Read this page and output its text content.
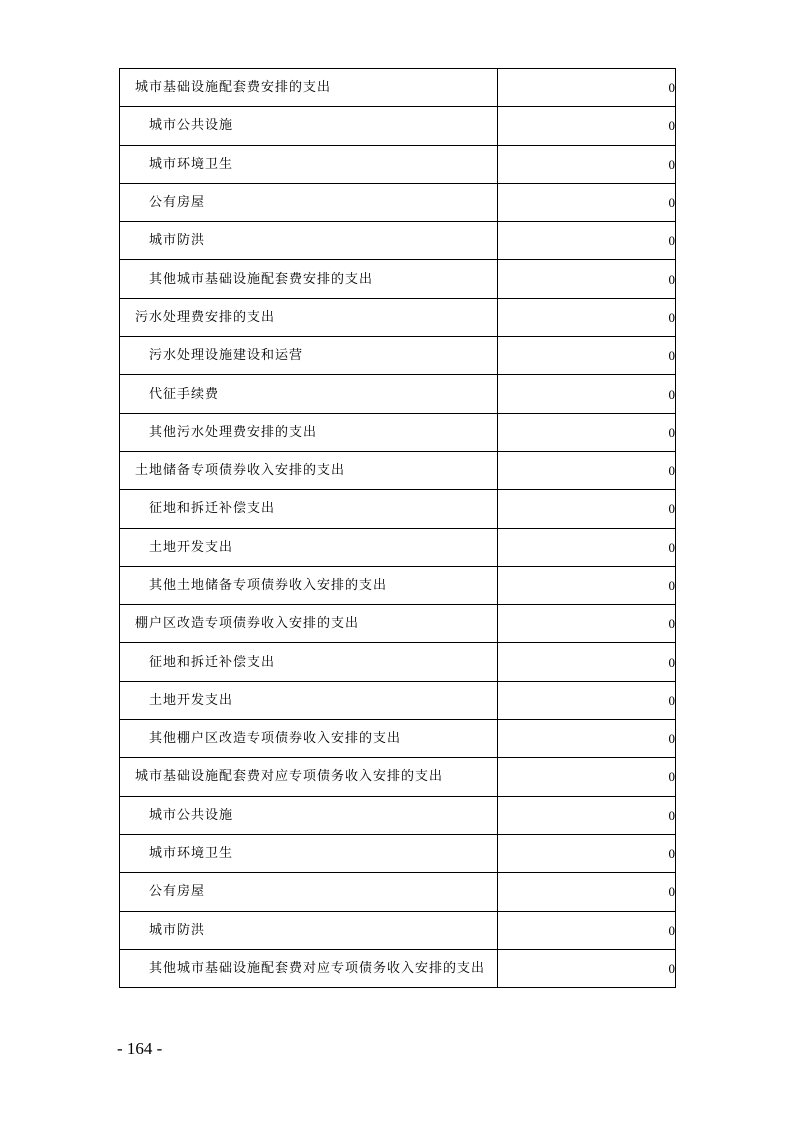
城市基础设施配套费安排的支出	0
城市公共设施	0
城市环境卫生	0
公有房屋	0
城市防洪	0
其他城市基础设施配套费安排的支出	0
污水处理费安排的支出	0
污水处理设施建设和运营	0
代征手续费	0
其他污水处理费安排的支出	0
土地储备专项债券收入安排的支出	0
征地和拆迁补偿支出	0
土地开发支出	0
其他土地储备专项债券收入安排的支出	0
棚户区改造专项债券收入安排的支出	0
征地和拆迁补偿支出	0
土地开发支出	0
其他棚户区改造专项债券收入安排的支出	0
城市基础设施配套费对应专项债务收入安排的支出	0
城市公共设施	0
城市环境卫生	0
公有房屋	0
城市防洪	0
其他城市基础设施配套费对应专项债务收入安排的支出	0
- 164 -
